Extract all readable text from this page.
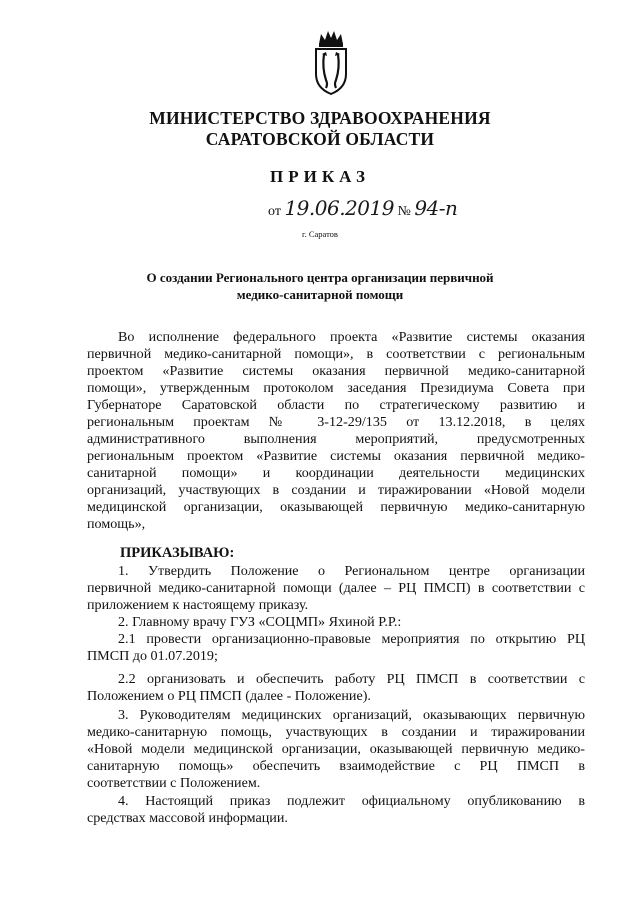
МИНИСТЕРСТВО ЗДРАВООХРАНЕНИЯ
САРАТОВСКОЙ ОБЛАСТИ
ПРИКАЗ
от 19.06.2019 № 94-п
г. Саратов
О создании Регионального центра организации первичной
медико-санитарной помощи
Во исполнение федерального проекта «Развитие системы оказания
первичной медико-санитарной помощи», в соответствии с региональным
проектом «Развитие системы оказания первичной медико-санитарной
помощи», утвержденным протоколом заседания Президиума Совета при
Губернаторе Саратовской области по стратегическому развитию и
региональным проектам № 3-12-29/135 от 13.12.2018, в целях
административного выполнения мероприятий, предусмотренных
региональным проектом «Развитие системы оказания первичной медико-
санитарной помощи» и координации деятельности медицинских
организаций, участвующих в создании и тиражировании «Новой модели
медицинской организации, оказывающей первичную медико-санитарную
помощь»,
ПРИКАЗЫВАЮ:
1. Утвердить Положение о Региональном центре организации
первичной медико-санитарной помощи (далее – РЦ ПМСП) в соответствии с
приложением к настоящему приказу.
2. Главному врачу ГУЗ «СОЦМП» Яхиной Р.Р.:
2.1 провести организационно-правовые мероприятия по открытию РЦ
ПМСП до 01.07.2019;
2.2 организовать и обеспечить работу РЦ ПМСП в соответствии с
Положением о РЦ ПМСП (далее - Положение).
3. Руководителям медицинских организаций, оказывающих первичную
медико-санитарную помощь, участвующих в создании и тиражировании
«Новой модели медицинской организации, оказывающей первичную медико-
санитарную помощь» обеспечить взаимодействие с РЦ ПМСП в
соответствии с Положением.
4. Настоящий приказ подлежит официальному опубликованию в
средствах массовой информации.
